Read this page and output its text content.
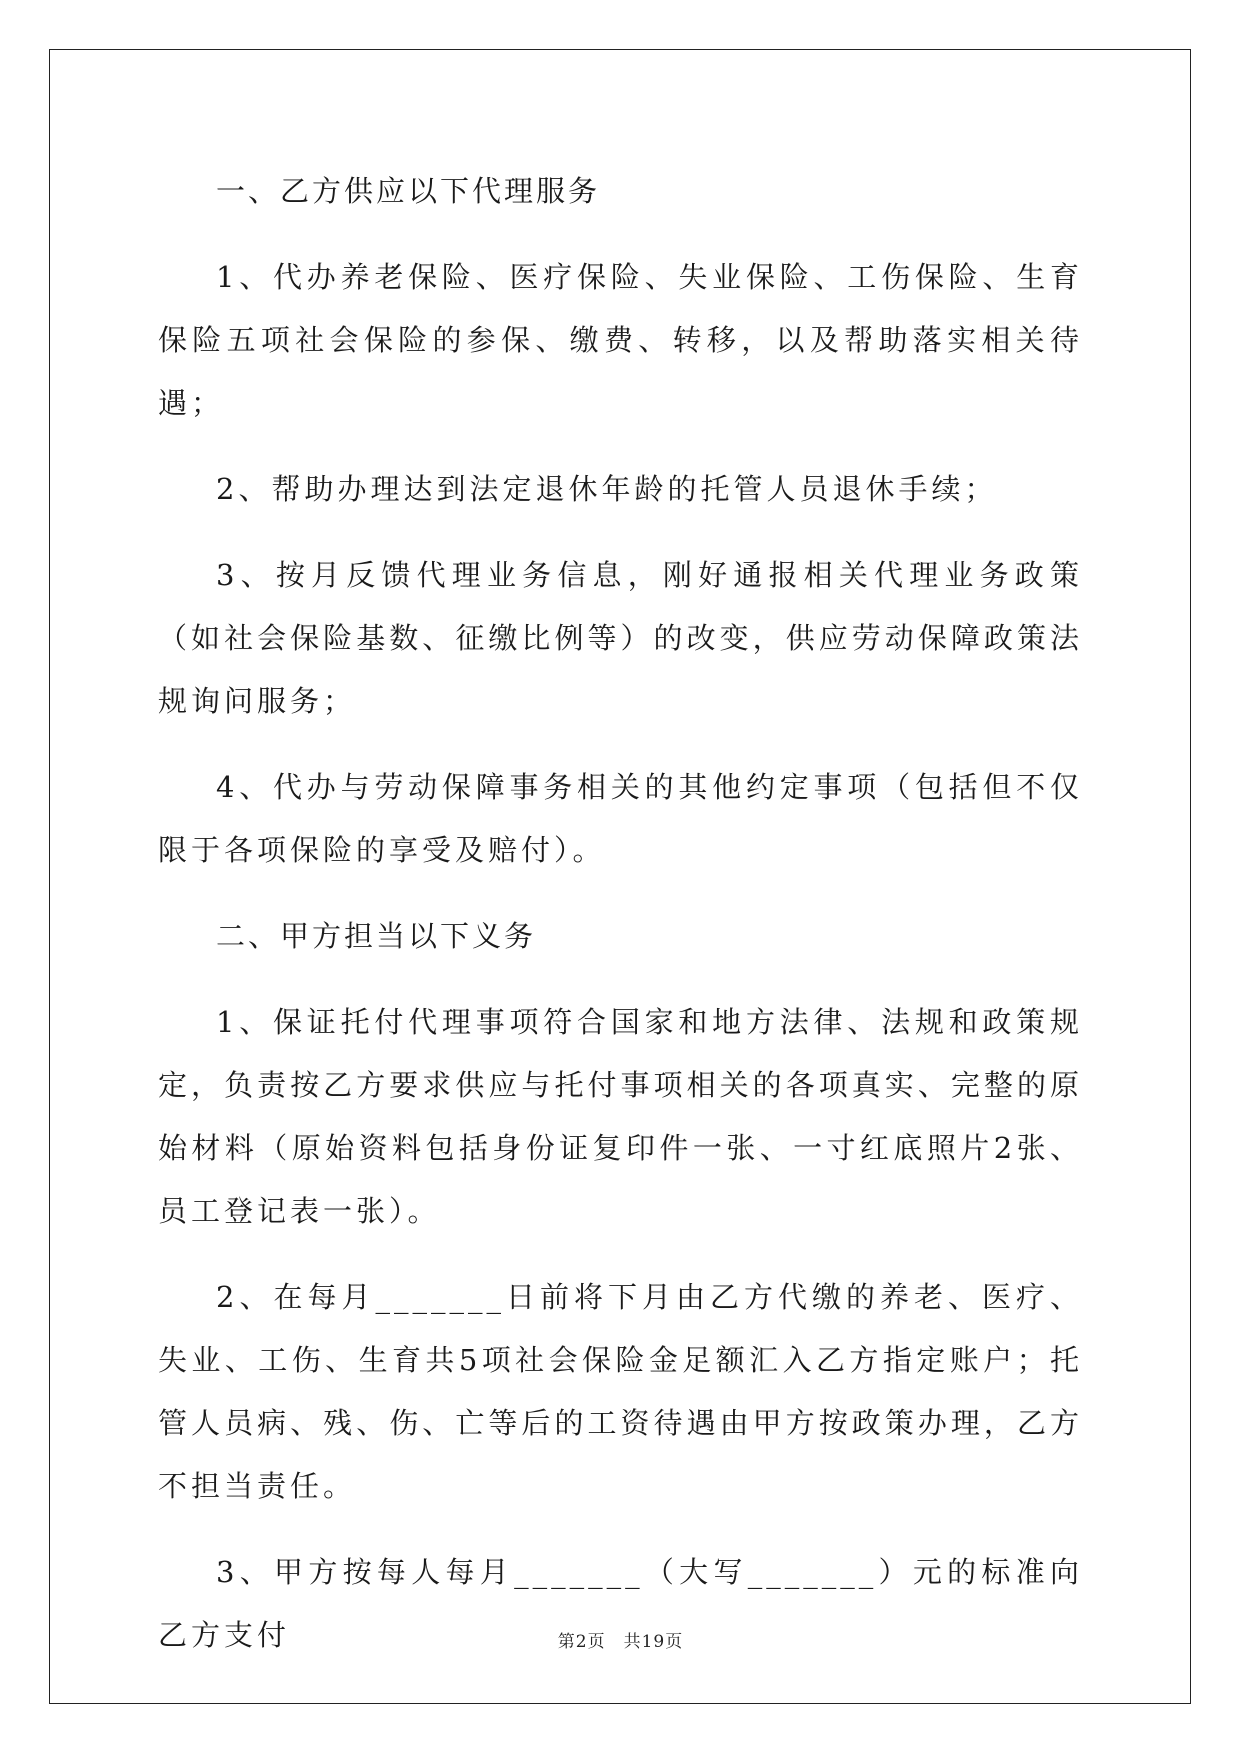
一、乙方供应以下代理服务

1、代办养老保险、医疗保险、失业保险、工伤保险、生育保险五项社会保险的参保、缴费、转移，以及帮助落实相关待遇；

2、帮助办理达到法定退休年龄的托管人员退休手续；

3、按月反馈代理业务信息，刚好通报相关代理业务政策（如社会保险基数、征缴比例等）的改变，供应劳动保障政策法规询问服务；

4、代办与劳动保障事务相关的其他约定事项（包括但不仅限于各项保险的享受及赔付）。

二、甲方担当以下义务

1、保证托付代理事项符合国家和地方法律、法规和政策规定，负责按乙方要求供应与托付事项相关的各项真实、完整的原始材料（原始资料包括身份证复印件一张、一寸红底照片2张、员工登记表一张）。

2、在每月_______日前将下月由乙方代缴的养老、医疗、失业、工伤、生育共5项社会保险金足额汇入乙方指定账户；托管人员病、残、伤、亡等后的工资待遇由甲方按政策办理，乙方不担当责任。

3、甲方按每人每月_______（大写_______）元的标准向乙方支付	第2页　共19页
